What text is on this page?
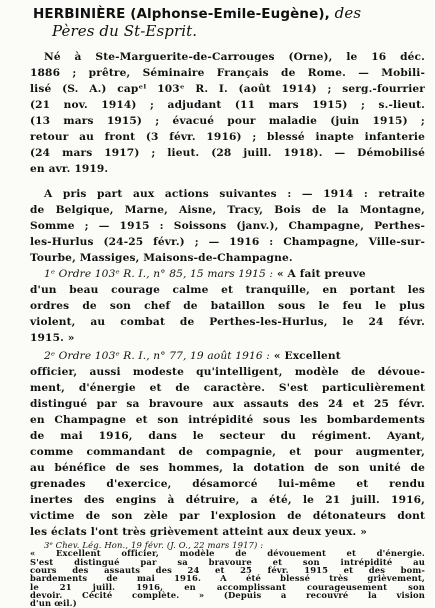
HERBINIÈRE (Alphonse-Emile-Eugène), des
Pères du St-Esprit.
Né à Ste-Marguerite-de-Carrouges (Orne), le 16 déc.
1886 ; prêtre, Séminaire Français de Rome. — Mobili-
lisé (S. A.) capᵉˡ 103ᵉ R. I. (août 1914) ; serg.-fourrier
(21 nov. 1914) ; adjudant (11 mars 1915) ; s.-lieut.
(13 mars 1915) ; évacué pour maladie (juin 1915) ;
retour au front (3 févr. 1916) ; blessé inapte infanterie
(24 mars 1917) ; lieut. (28 juill. 1918). — Démobilisé
en avr. 1919.
A pris part aux actions suivantes : — 1914 : retraite
de Belgique, Marne, Aisne, Tracy, Bois de la Montagne,
Somme ; — 1915 : Soissons (janv.), Champagne, Perthes-
les-Hurlus (24-25 févr.) ; — 1916 : Champagne, Ville-sur-
Tourbe, Massiges, Maisons-de-Champagne.
1ᵉ Ordre 103ᵉ R. I., n° 85, 15 mars 1915 : « A fait preuve
d'un beau courage calme et tranquille, en portant les
ordres de son chef de bataillon sous le feu le plus
violent, au combat de Perthes-les-Hurlus, le 24 févr.
1915. »
2ᵉ Ordre 103ᵉ R. I., n° 77, 19 août 1916 : « Excellent
officier, aussi modeste qu'intelligent, modèle de dévoue-
ment, d'énergie et de caractère. S'est particulièrement
distingué par sa bravoure aux assauts des 24 et 25 févr.
en Champagne et son intrépidité sous les bombardements
de mai 1916, dans le secteur du régiment. Ayant,
comme commandant de compagnie, et pour augmenter,
au bénéfice de ses hommes, la dotation de son unité de
grenades d'exercice, désamorcé lui-même et rendu
inertes des engins à détruire, a été, le 21 juill. 1916,
victime de son zèle par l'explosion de détonateurs dont
les éclats l'ont très grièvement atteint aux deux yeux. »
3ᵉ Chev. Lég. Hon., 19 févr. (J. O., 22 mars 1917) :
« Excellent officier, modèle de dévouement et d'énergie.
S'est distingué par sa bravoure et son intrépidité au
cours des assauts des 24 et 25 févr. 1915 et des bom-
bardements de mai 1916. A été blessé très grièvement,
le 21 juill. 1916, en accomplissant courageusement son
devoir. Cécité complète. » (Depuis a recouvré la vision
d'un œil.)
